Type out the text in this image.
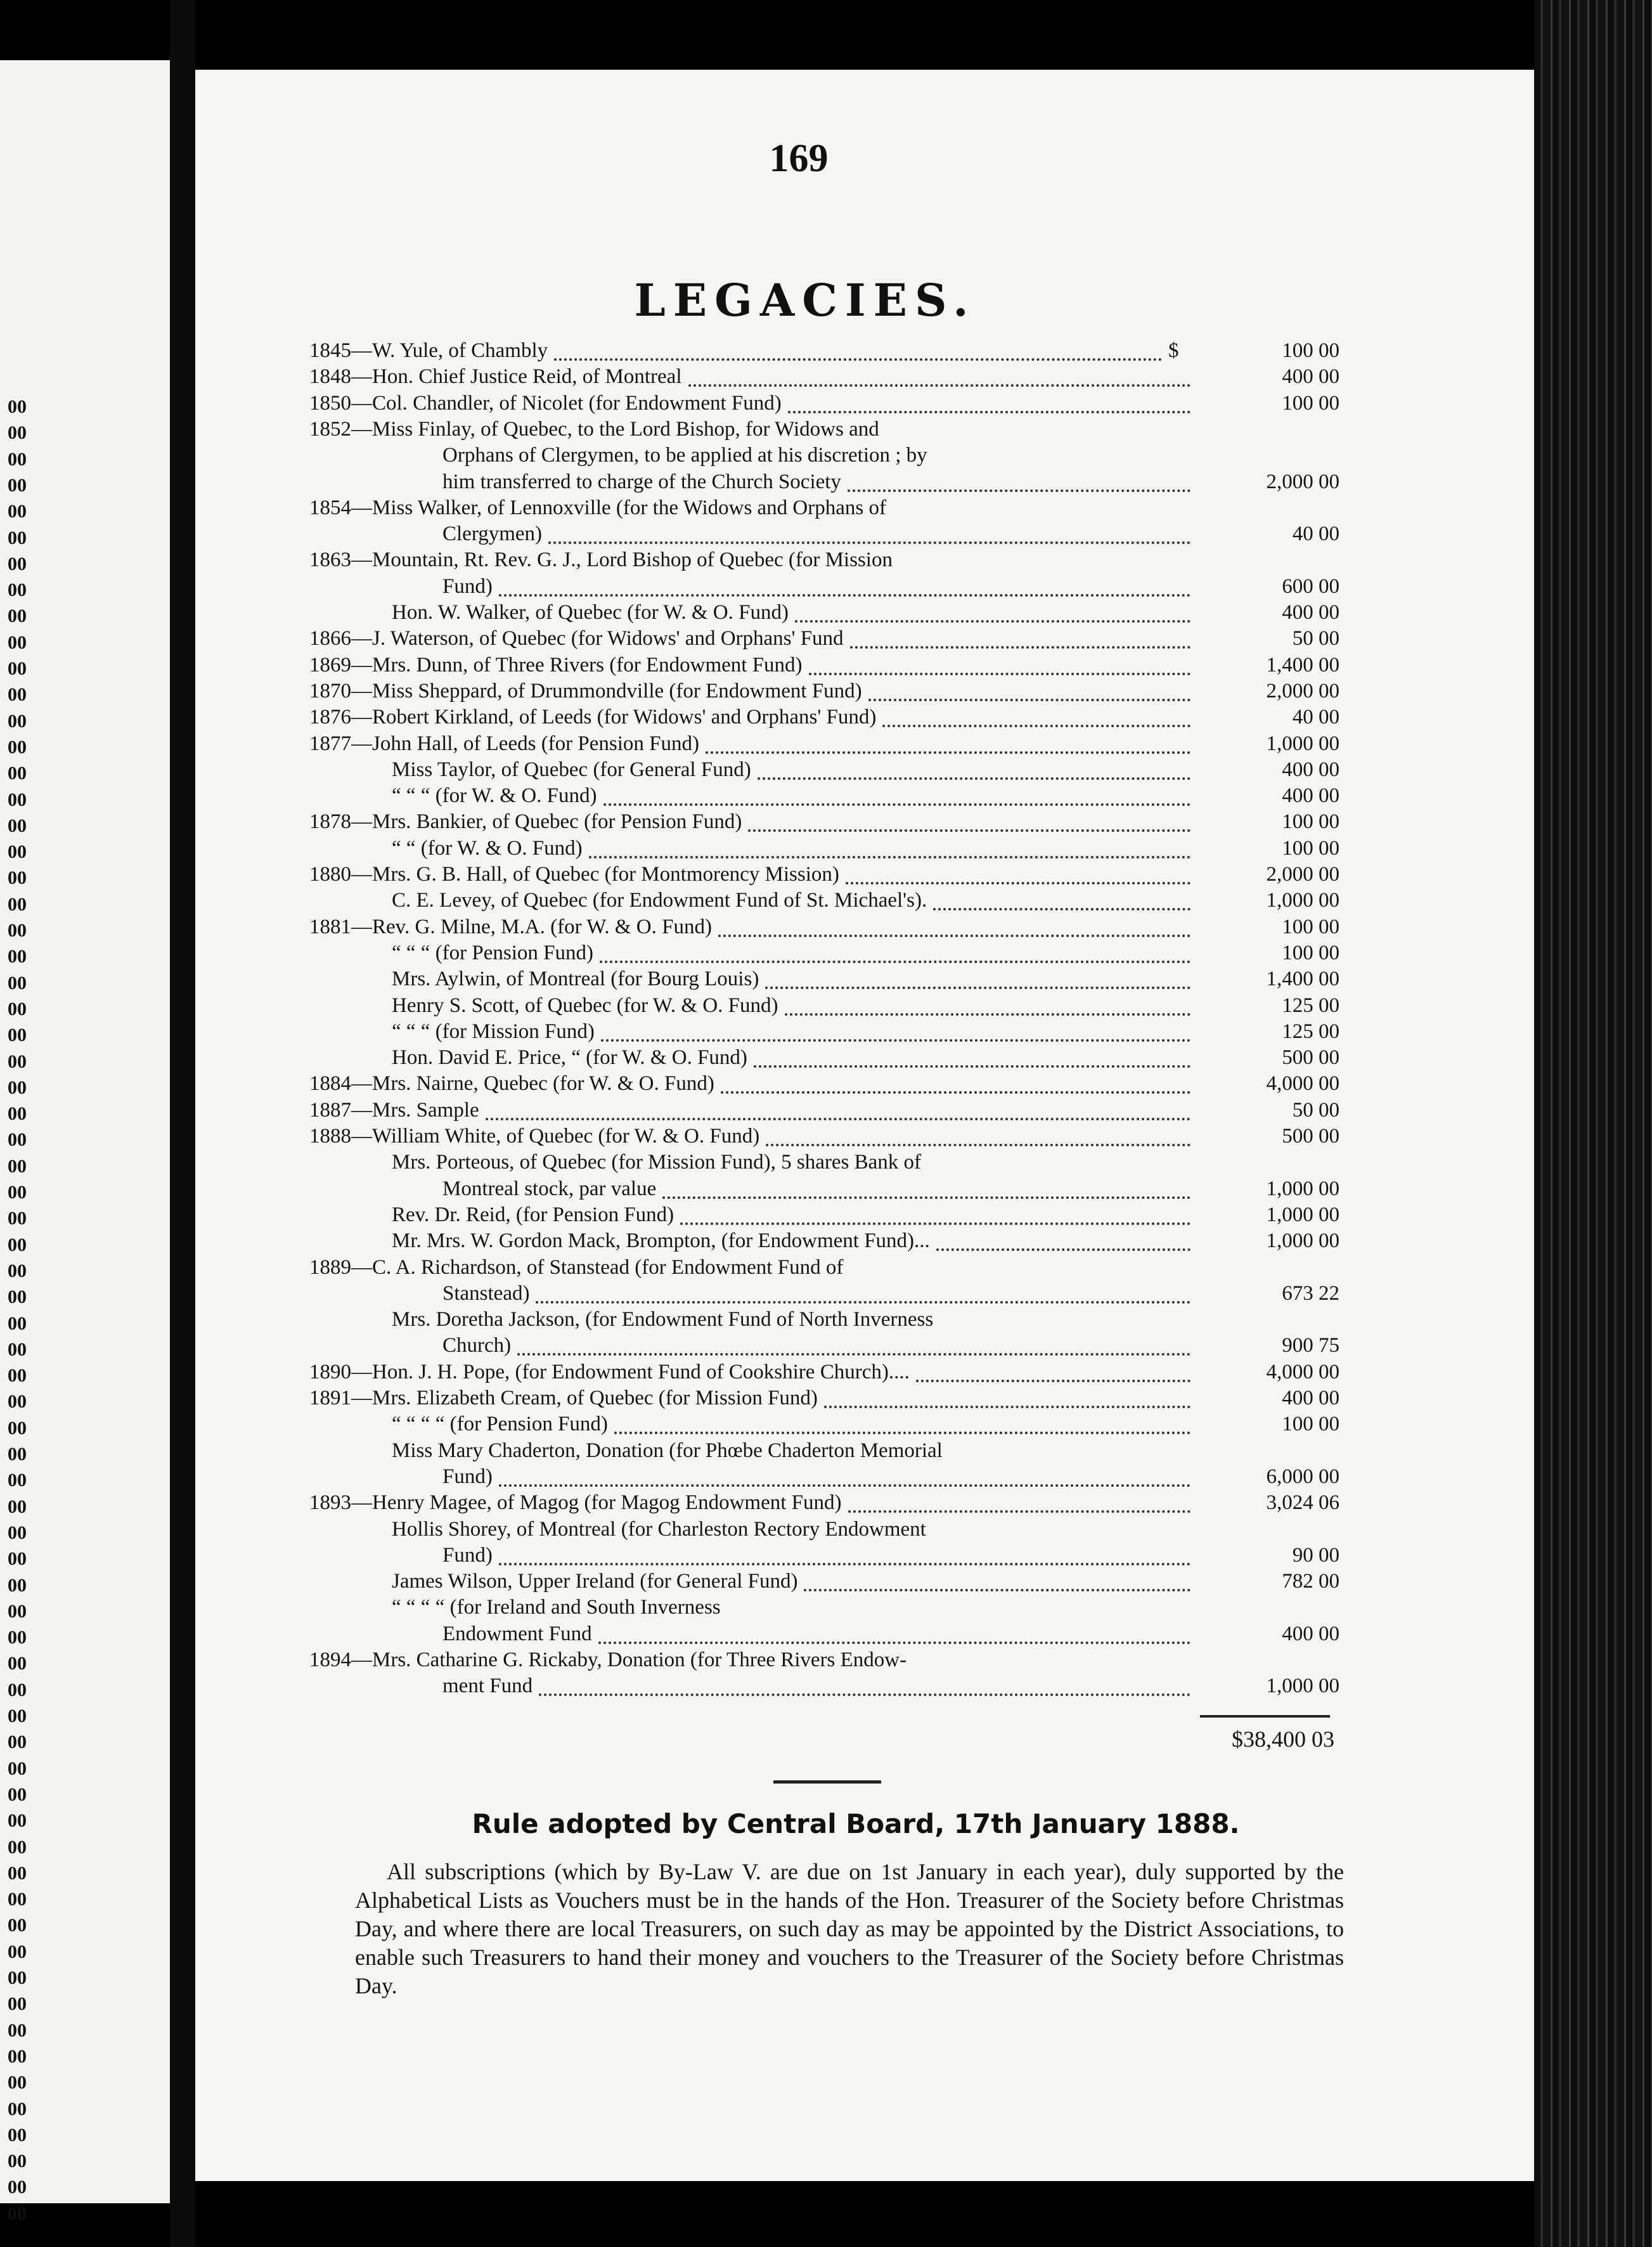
00
00
00
00
00
00
00
00
00
00
00
00
00
00
00
00
00
00
00
00
00
00
00
00
00
00
00
00
00
00
00
00
00
00
00
00
00
00
00
00
00
00
00
00
00
00
00
00
00
00
00
00
00
00
00
00
00
00
00
00
00
00
00
00
00
00
00
00
00
00
169
LEGACIES.
1845—W. Yule, of Chambly	$	100 00
1848—Hon. Chief Justice Reid, of Montreal	400 00
1850—Col. Chandler, of Nicolet (for Endowment Fund)	100 00
1852—Miss Finlay, of Quebec, to the Lord Bishop, for Widows and
Orphans of Clergymen, to be applied at his discretion ; by
him transferred to charge of the Church Society	2,000 00
1854—Miss Walker, of Lennoxville (for the Widows and Orphans of
Clergymen)	40 00
1863—Mountain, Rt. Rev. G. J., Lord Bishop of Quebec (for Mission
Fund)	600 00
Hon. W. Walker, of Quebec (for W. & O. Fund)	400 00
1866—J. Waterson, of Quebec (for Widows' and Orphans' Fund	50 00
1869—Mrs. Dunn, of Three Rivers (for Endowment Fund)	1,400 00
1870—Miss Sheppard, of Drummondville (for Endowment Fund)	2,000 00
1876—Robert Kirkland, of Leeds (for Widows' and Orphans' Fund)	40 00
1877—John Hall, of Leeds (for Pension Fund)	1,000 00
Miss Taylor, of Quebec (for General Fund)	400 00
“ “ “ (for W. & O. Fund)	400 00
1878—Mrs. Bankier, of Quebec (for Pension Fund)	100 00
“ “ (for W. & O. Fund)	100 00
1880—Mrs. G. B. Hall, of Quebec (for Montmorency Mission)	2,000 00
C. E. Levey, of Quebec (for Endowment Fund of St. Michael's).	1,000 00
1881—Rev. G. Milne, M.A. (for W. & O. Fund)	100 00
“ “ “ (for Pension Fund)	100 00
Mrs. Aylwin, of Montreal (for Bourg Louis)	1,400 00
Henry S. Scott, of Quebec (for W. & O. Fund)	125 00
“ “ “ (for Mission Fund)	125 00
Hon. David E. Price, “ (for W. & O. Fund)	500 00
1884—Mrs. Nairne, Quebec (for W. & O. Fund)	4,000 00
1887—Mrs. Sample	50 00
1888—William White, of Quebec (for W. & O. Fund)	500 00
Mrs. Porteous, of Quebec (for Mission Fund), 5 shares Bank of
Montreal stock, par value	1,000 00
Rev. Dr. Reid, (for Pension Fund)	1,000 00
Mr. Mrs. W. Gordon Mack, Brompton, (for Endowment Fund)...	1,000 00
1889—C. A. Richardson, of Stanstead (for Endowment Fund of
Stanstead)	673 22
Mrs. Doretha Jackson, (for Endowment Fund of North Inverness
Church)	900 75
1890—Hon. J. H. Pope, (for Endowment Fund of Cookshire Church)....	4,000 00
1891—Mrs. Elizabeth Cream, of Quebec (for Mission Fund)	400 00
“ “ “ “ (for Pension Fund)	100 00
Miss Mary Chaderton, Donation (for Phœbe Chaderton Memorial
Fund)	6,000 00
1893—Henry Magee, of Magog (for Magog Endowment Fund)	3,024 06
Hollis Shorey, of Montreal (for Charleston Rectory Endowment
Fund)	90 00
James Wilson, Upper Ireland (for General Fund)	782 00
“ “ “ “ (for Ireland and South Inverness
Endowment Fund	400 00
1894—Mrs. Catharine G. Rickaby, Donation (for Three Rivers Endow-
ment Fund	1,000 00
$38,400 03
Rule adopted by Central Board, 17th January 1888.

All subscriptions (which by By-Law V. are due on 1st January in each year), duly supported by the Alphabetical Lists as Vouchers must be in the hands of the Hon. Treasurer of the Society before Christmas Day, and where there are local Treasurers, on such day as may be appointed by the District Associations, to enable such Treasurers to hand their money and vouchers to the Treasurer of the Society before Christmas Day.
